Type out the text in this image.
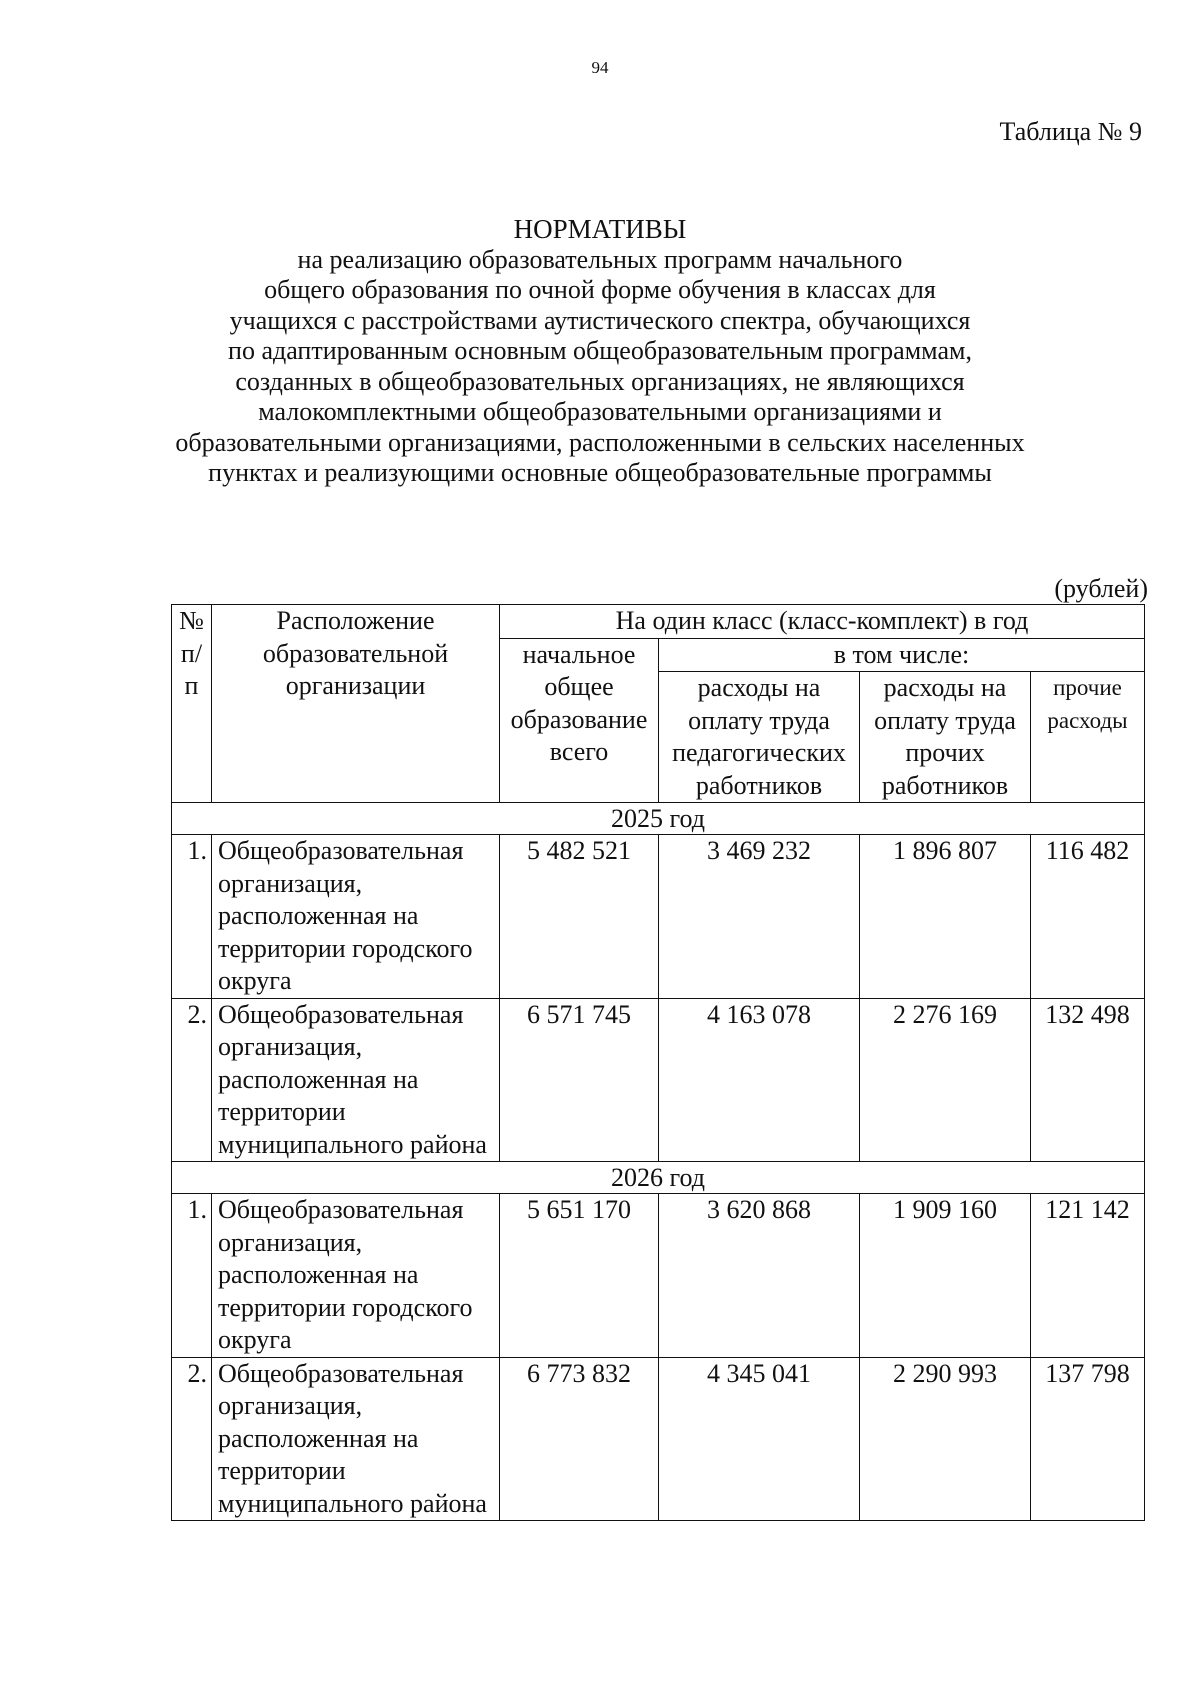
94
Таблица № 9
НОРМАТИВЫ
на реализацию образовательных программ начального
общего образования по очной форме обучения в классах для
учащихся с расстройствами аутистического спектра, обучающихся
по адаптированным основным общеобразовательным программам,
созданных в общеобразовательных организациях, не являющихся
малокомплектными общеобразовательными организациями и
образовательными организациями, расположенными в сельских населенных
пунктах и реализующими основные общеобразовательные программы
(рублей)
№ п/ п	Расположение образовательной организации	На один класс (класс-комплект) в год			
		начальное общее образование всего	в том числе:		
			расходы на оплату труда педагогических работников	расходы на оплату труда прочих работников	прочие расходы
2025 год					
1.	Общеобразовательная организация, расположенная на территории городского округа	5 482 521	3 469 232	1 896 807	116 482
2.	Общеобразовательная организация, расположенная на территории муниципального района	6 571 745	4 163 078	2 276 169	132 498
2026 год					
1.	Общеобразовательная организация, расположенная на территории городского округа	5 651 170	3 620 868	1 909 160	121 142
2.	Общеобразовательная организация, расположенная на территории муниципального района	6 773 832	4 345 041	2 290 993	137 798
